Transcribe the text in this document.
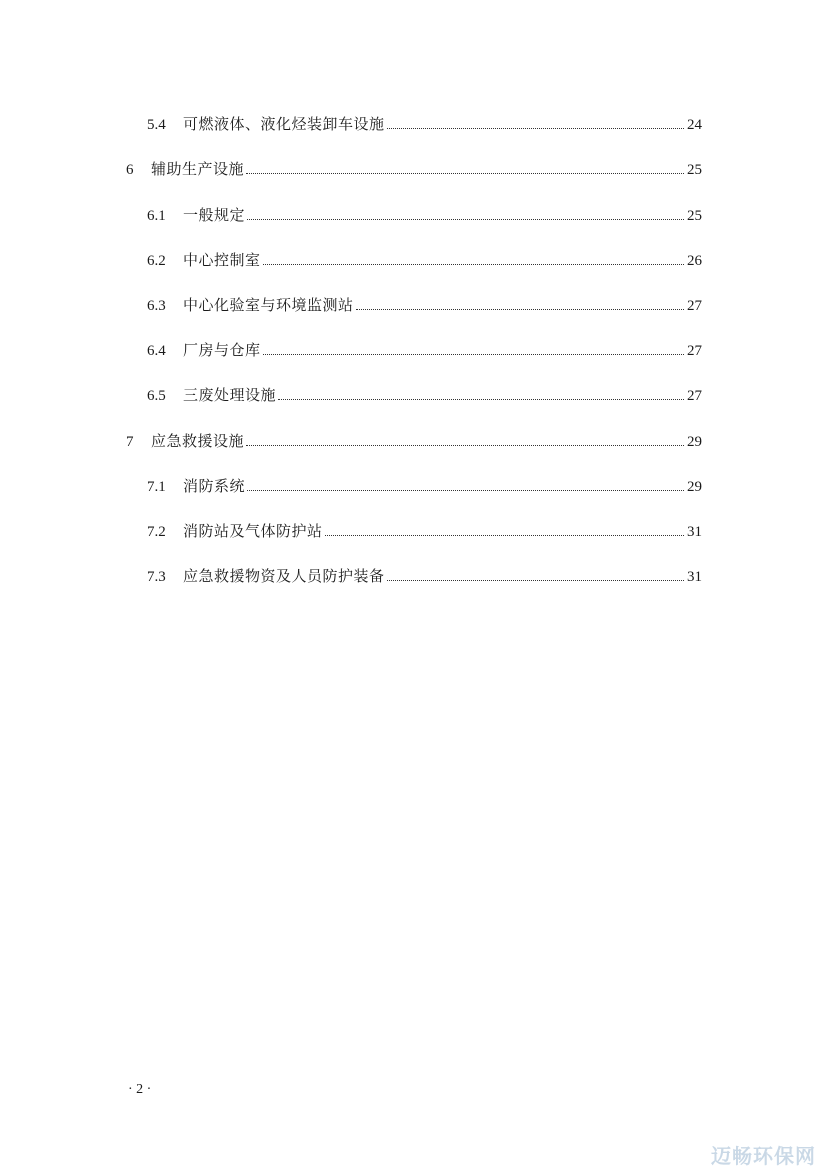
5.4	可燃液体、液化烃装卸车设施	24
6	辅助生产设施	25
6.1	一般规定	25
6.2	中心控制室	26
6.3	中心化验室与环境监测站	27
6.4	厂房与仓库	27
6.5	三废处理设施	27
7	应急救援设施	29
7.1	消防系统	29
7.2	消防站及气体防护站	31
7.3	应急救援物资及人员防护装备	31
· 2 ·
迈畅环保网
